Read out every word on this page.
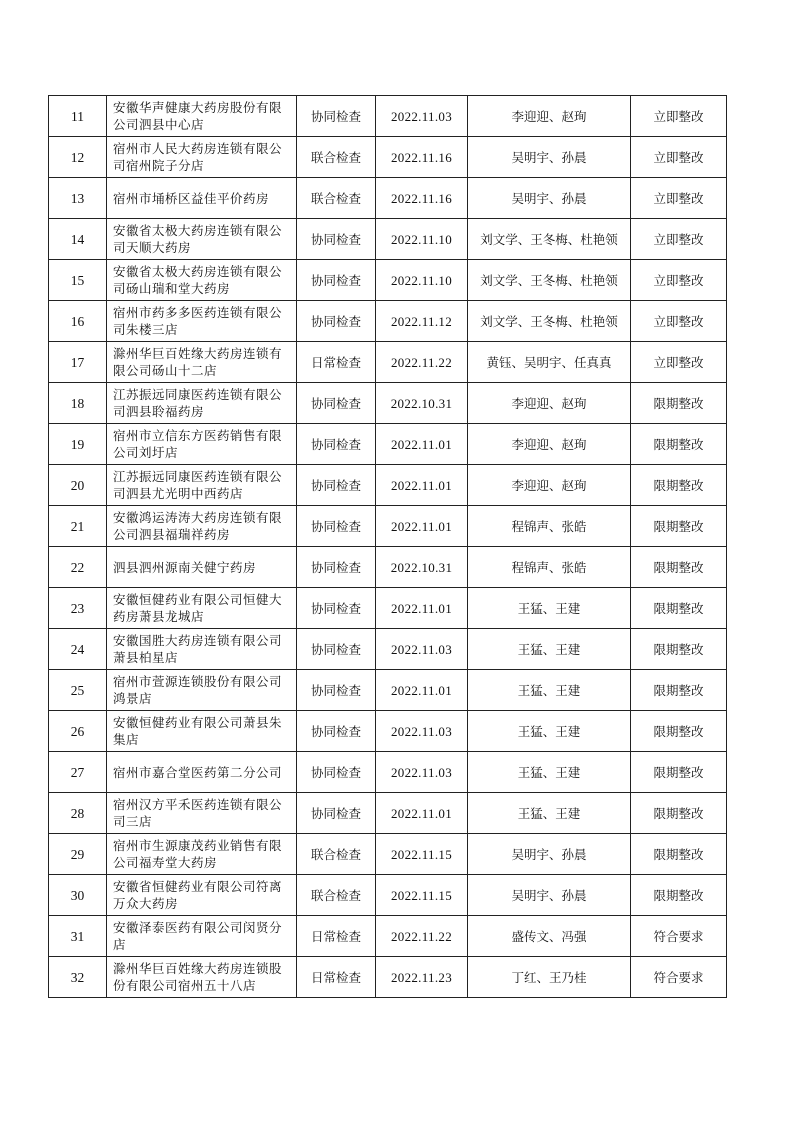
11	安徽华声健康大药房股份有限公司泗县中心店	协同检查	2022.11.03	李迎迎、赵珣	立即整改
12	宿州市人民大药房连锁有限公司宿州院子分店	联合检查	2022.11.16	吴明宇、孙晨	立即整改
13	宿州市埇桥区益佳平价药房	联合检查	2022.11.16	吴明宇、孙晨	立即整改
14	安徽省太极大药房连锁有限公司天顺大药房	协同检查	2022.11.10	刘文学、王冬梅、杜艳领	立即整改
15	安徽省太极大药房连锁有限公司砀山瑞和堂大药房	协同检查	2022.11.10	刘文学、王冬梅、杜艳领	立即整改
16	宿州市药多多医药连锁有限公司朱楼三店	协同检查	2022.11.12	刘文学、王冬梅、杜艳领	立即整改
17	滁州华巨百姓缘大药房连锁有限公司砀山十二店	日常检查	2022.11.22	黄钰、吴明宇、任真真	立即整改
18	江苏振远同康医药连锁有限公司泗县聆福药房	协同检查	2022.10.31	李迎迎、赵珣	限期整改
19	宿州市立信东方医药销售有限公司刘圩店	协同检查	2022.11.01	李迎迎、赵珣	限期整改
20	江苏振远同康医药连锁有限公司泗县尤光明中西药店	协同检查	2022.11.01	李迎迎、赵珣	限期整改
21	安徽鸿运涛涛大药房连锁有限公司泗县福瑞祥药房	协同检查	2022.11.01	程锦声、张皓	限期整改
22	泗县泗州源南关健宁药房	协同检查	2022.10.31	程锦声、张皓	限期整改
23	安徽恒健药业有限公司恒健大药房萧县龙城店	协同检查	2022.11.01	王猛、王建	限期整改
24	安徽国胜大药房连锁有限公司萧县柏星店	协同检查	2022.11.03	王猛、王建	限期整改
25	宿州市萱源连锁股份有限公司鸿景店	协同检查	2022.11.01	王猛、王建	限期整改
26	安徽恒健药业有限公司萧县朱集店	协同检查	2022.11.03	王猛、王建	限期整改
27	宿州市嘉合堂医药第二分公司	协同检查	2022.11.03	王猛、王建	限期整改
28	宿州汉方平禾医药连锁有限公司三店	协同检查	2022.11.01	王猛、王建	限期整改
29	宿州市生源康茂药业销售有限公司福寿堂大药房	联合检查	2022.11.15	吴明宇、孙晨	限期整改
30	安徽省恒健药业有限公司符离万众大药房	联合检查	2022.11.15	吴明宇、孙晨	限期整改
31	安徽泽泰医药有限公司闵贤分店	日常检查	2022.11.22	盛传文、冯强	符合要求
32	滁州华巨百姓缘大药房连锁股份有限公司宿州五十八店	日常检查	2022.11.23	丁红、王乃桂	符合要求
